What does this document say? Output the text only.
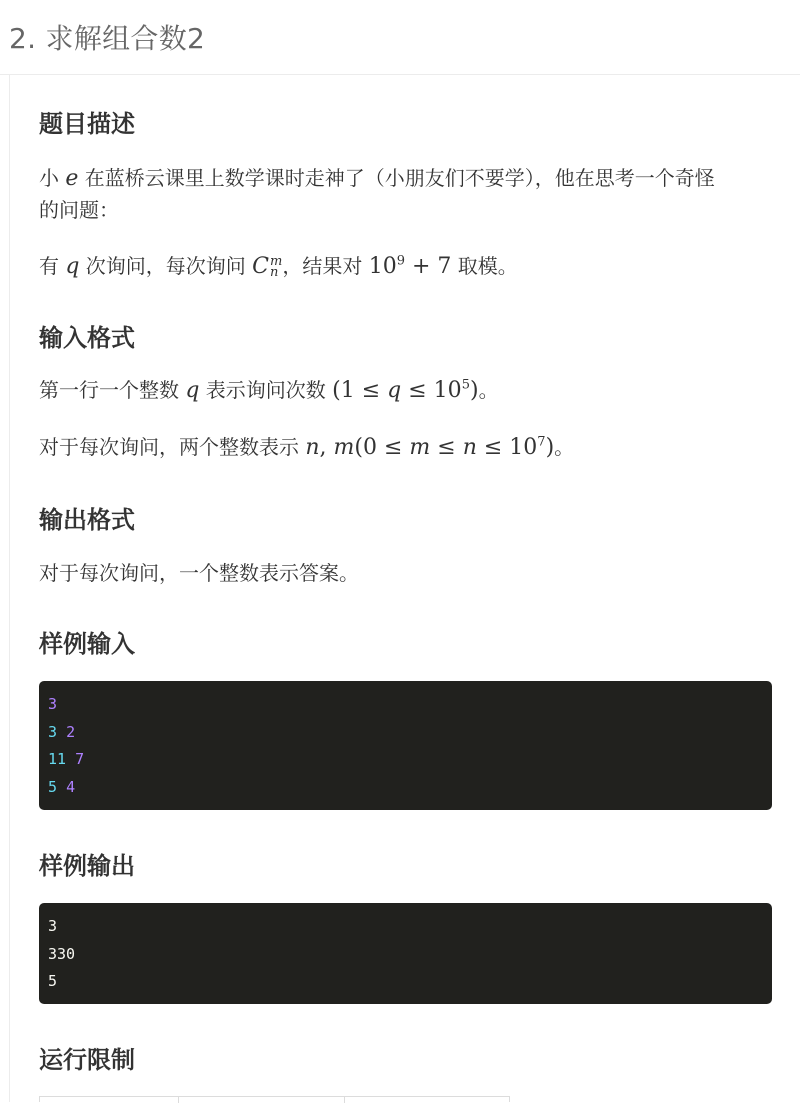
2. 求解组合数2
题目描述
小 e 在蓝桥云课里上数学课时走神了（小朋友们不要学），他在思考一个奇怪
的问题：
有 q 次询问，每次询问 C m
n ，结果对 $10^9 + 7$ 取模。
输入格式
第一行一个整数 q 表示询问次数 $(1 \le q \le 10^5)$。
对于每次询问，两个整数表示 n, $m(0 \le m \le n \le 10^7)$。
输出格式
对于每次询问，一个整数表示答案。
样例输入
3
3 2
11 7
5 4
样例输出
3
330
5
运行限制
